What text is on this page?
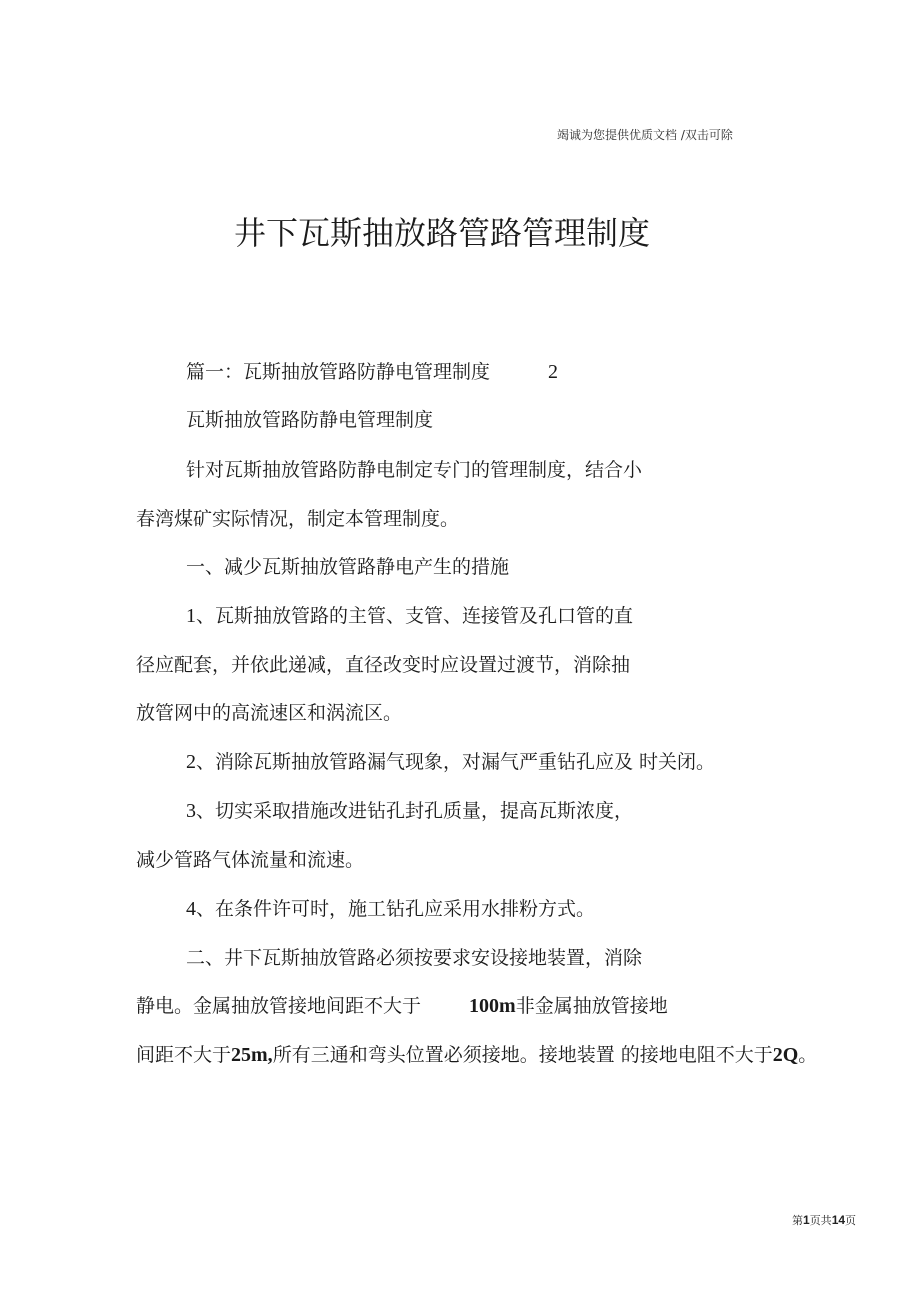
竭诚为您提供优质文档 /双击可除
井下瓦斯抽放路管路管理制度
篇一：瓦斯抽放管路防静电管理制度	2
瓦斯抽放管路防静电管理制度
针对瓦斯抽放管路防静电制定专门的管理制度，结合小
春湾煤矿实际情况，制定本管理制度。
一、减少瓦斯抽放管路静电产生的措施
1、瓦斯抽放管路的主管、支管、连接管及孔口管的直
径应配套，并依此递减，直径改变时应设置过渡节，消除抽
放管网中的高流速区和涡流区。
2、消除瓦斯抽放管路漏气现象，对漏气严重钻孔应及 时关闭。
3、切实采取措施改进钻孔封孔质量，提高瓦斯浓度，
减少管路气体流量和流速。
4、在条件许可时，施工钻孔应采用水排粉方式。
二、井下瓦斯抽放管路必须按要求安设接地装置，消除
静电。金属抽放管接地间距不大于 100m非金属抽放管接地
间距不大于25m,所有三通和弯头位置必须接地。接地装置 的接地电阻不大于2Q。
第1页共14页
